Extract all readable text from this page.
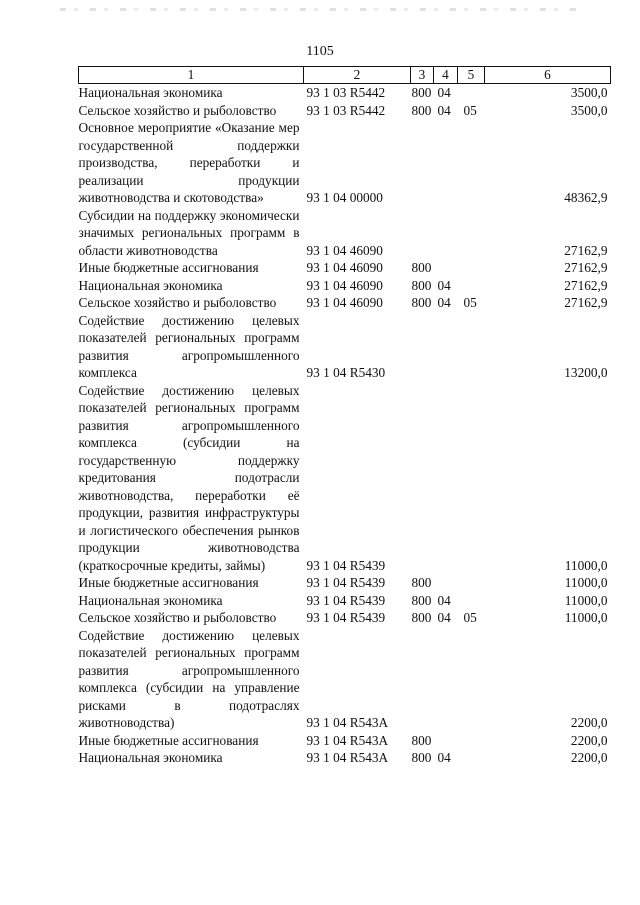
1105
1	2	3	4	5	6
Национальная экономика	93 1 03 R5442	800	04		3500,0
Сельское хозяйство и рыболовство	93 1 03 R5442	800	04	05	3500,0
Основное мероприятие «Оказание мер государственной поддержки производства, переработки и реализации продукции животноводства и скотоводства»	93 1 04 00000				48362,9
Субсидии на поддержку экономически значимых региональных программ в области животноводства	93 1 04 46090				27162,9
Иные бюджетные ассигнования	93 1 04 46090	800			27162,9
Национальная экономика	93 1 04 46090	800	04		27162,9
Сельское хозяйство и рыболовство	93 1 04 46090	800	04	05	27162,9
Содействие достижению целевых показателей региональных программ развития агропромышленного комплекса	93 1 04 R5430				13200,0
Содействие достижению целевых показателей региональных программ развития агропромышленного комплекса (субсидии на государственную поддержку кредитования подотрасли животноводства, переработки её продукции, развития инфраструктуры и логистического обеспечения рынков продукции животноводства (краткосрочные кредиты, займы)	93 1 04 R5439				11000,0
Иные бюджетные ассигнования	93 1 04 R5439	800			11000,0
Национальная экономика	93 1 04 R5439	800	04		11000,0
Сельское хозяйство и рыболовство	93 1 04 R5439	800	04	05	11000,0
Содействие достижению целевых показателей региональных программ развития агропромышленного комплекса (субсидии на управление рисками в подотраслях животноводства)	93 1 04 R543A				2200,0
Иные бюджетные ассигнования	93 1 04 R543A	800			2200,0
Национальная экономика	93 1 04 R543A	800	04		2200,0
